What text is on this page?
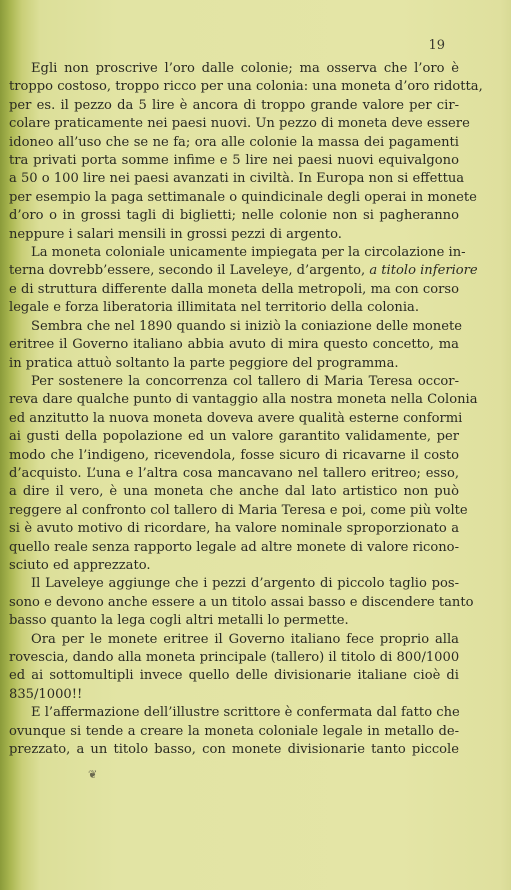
19
Egli non proscrive l’oro dalle colonie; ma osserva che l’oro è
troppo costoso, troppo ricco per una colonia: una moneta d’oro ridotta,
per es. il pezzo da 5 lire è ancora di troppo grande valore per cir-
colare praticamente nei paesi nuovi. Un pezzo di moneta deve essere
idoneo all’uso che se ne fa; ora alle colonie la massa dei pagamenti
tra privati porta somme infime e 5 lire nei paesi nuovi equivalgono
a 50 o 100 lire nei paesi avanzati in civiltà. In Europa non si effettua
per esempio la paga settimanale o quindicinale degli operai in monete
d’oro o in grossi tagli di biglietti; nelle colonie non si pagheranno
neppure i salari mensili in grossi pezzi di argento.
La moneta coloniale unicamente impiegata per la circolazione in-
terna dovrebb’essere, secondo il Laveleye, d’argento, a titolo inferiore
e di struttura differente dalla moneta della metropoli, ma con corso
legale e forza liberatoria illimitata nel territorio della colonia.
Sembra che nel 1890 quando si iniziò la coniazione delle monete
eritree il Governo italiano abbia avuto di mira questo concetto, ma
in pratica attuò soltanto la parte peggiore del programma.
Per sostenere la concorrenza col tallero di Maria Teresa occor-
reva dare qualche punto di vantaggio alla nostra moneta nella Colonia
ed anzitutto la nuova moneta doveva avere qualità esterne conformi
ai gusti della popolazione ed un valore garantito validamente, per
modo che l’indigeno, ricevendola, fosse sicuro di ricavarne il costo
d’acquisto. L’una e l’altra cosa mancavano nel tallero eritreo; esso,
a dire il vero, è una moneta che anche dal lato artistico non può
reggere al confronto col tallero di Maria Teresa e poi, come più volte
si è avuto motivo di ricordare, ha valore nominale sproporzionato a
quello reale senza rapporto legale ad altre monete di valore ricono-
sciuto ed apprezzato.
Il Laveleye aggiunge che i pezzi d’argento di piccolo taglio pos-
sono e devono anche essere a un titolo assai basso e discendere tanto
basso quanto la lega cogli altri metalli lo permette.
Ora per le monete eritree il Governo italiano fece proprio alla
rovescia, dando alla moneta principale (tallero) il titolo di 800/1000
ed ai sottomultipli invece quello delle divisionarie italiane cioè di
835/1000!!
E l’affermazione dell’illustre scrittore è confermata dal fatto che
ovunque si tende a creare la moneta coloniale legale in metallo de-
prezzato, a un titolo basso, con monete divisionarie tanto piccole
❦
